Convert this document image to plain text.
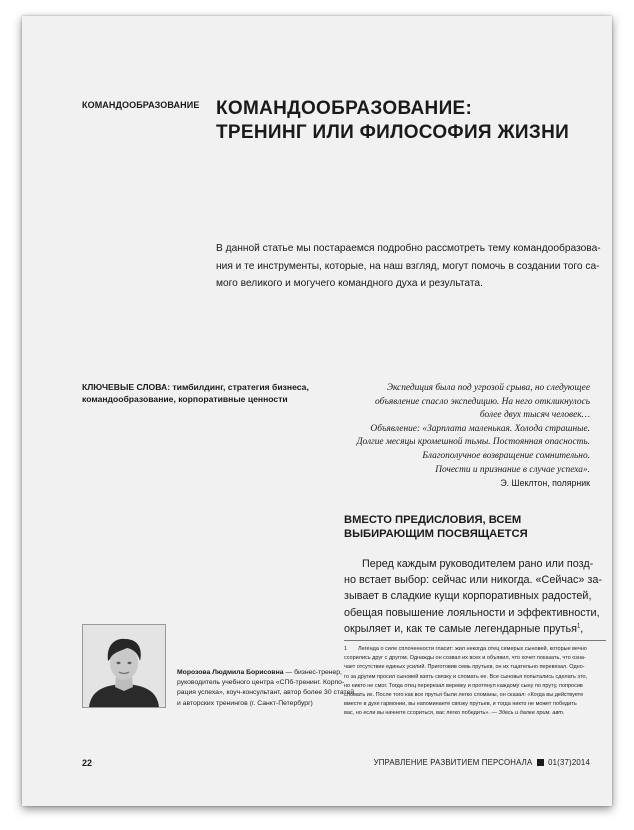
КОМАНДООБРАЗОВАНИЕ КОМАНДООБРАЗОВАНИЕ:
ТРЕНИНГ ИЛИ ФИЛОСОФИЯ ЖИЗНИ
В данной статье мы постараемся подробно рассмотреть тему командообразова-
ния и те инструменты, которые, на наш взгляд, могут помочь в создании того са-
мого великого и могучего командного духа и результата.
КЛЮЧЕВЫЕ СЛОВА: тимбилдинг, стратегия бизнеса,
командообразование, корпоративные ценности
Экспедиция была под угрозой срыва, но следующее
объявление спасло экспедицию. На него откликнулось
более двух тысяч человек…
Объявление: «Зарплата маленькая. Холода страшные.
Долгие месяцы кромешной тьмы. Постоянная опасность.
Благополучное возвращение сомнительно.
Почести и признание в случае успеха».
Э. Шеклтон, полярник
ВМЕСТО ПРЕДИСЛОВИЯ, ВСЕМ
ВЫБИРАЮЩИМ ПОСВЯЩАЕТСЯ
Перед каждым руководителем рано или позд-
но встает выбор: сейчас или никогда. «Сейчас» за-
зывает в сладкие кущи корпоративных радостей,
обещая повышение лояльности и эффективности,
окрыляет и, как те самые легендарные прутья$^1$,
1 Легенда о силе сплоченности гласит: жил некогда отец семерых сыновей, которые вечно
ссорились друг с другом. Однажды он созвал их всех и объявил, что хочет показать, что озна-
чает отсутствие единых усилий. Приготовив семь прутьев, он их тщательно перевязал. Одно-
го за другим просил сыновей взять связку и сломать ее. Все сыновья попытались сделать это,
но никто не смог. Тогда отец перерезал веревку и протянул каждому сыну по пруту, попросив
сломать их. После того как все прутья были легко сломаны, он сказал: «Когда вы действуете
вместе в духе гармонии, вы напоминаете связку прутьев, и тогда никто не может победить
вас, но если вы начнете ссориться, вас легко победить». — Здесь и далее прим. авт.
Морозова Людмила Борисовна — бизнес-тренер,
руководитель учебного центра «СПб-тренинг. Корпо-
рация успеха», коуч-консультант, автор более 30 статей
и авторских тренингов (г. Санкт-Петербург)
22	УПРАВЛЕНИЕ РАЗВИТИЕМ ПЕРСОНАЛА 01(37)2014
